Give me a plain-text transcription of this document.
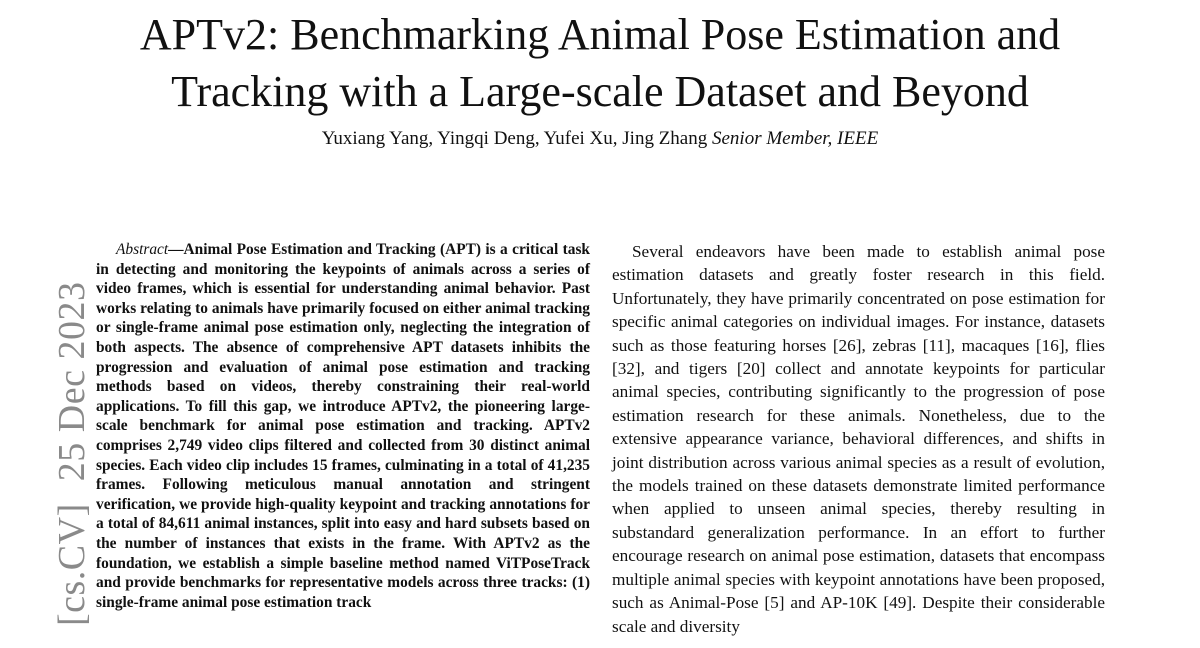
APTv2: Benchmarking Animal Pose Estimation and
Tracking with a Large-scale Dataset and Beyond
Yuxiang Yang, Yingqi Deng, Yufei Xu, Jing Zhang Senior Member, IEEE
[cs.CV]25 Dec 2023

Abstract—Animal Pose Estimation and Tracking (APT) is a critical task in detecting and monitoring the keypoints of animals across a series of video frames, which is essential for understanding animal behavior. Past works relating to animals have primarily focused on either animal tracking or single-frame animal pose estimation only, neglecting the integration of both aspects. The absence of comprehensive APT datasets inhibits the progression and evaluation of animal pose estimation and tracking methods based on videos, thereby constraining their real-world applications. To fill this gap, we introduce APTv2, the pioneering large-scale benchmark for animal pose estimation and tracking. APTv2 comprises 2,749 video clips filtered and collected from 30 distinct animal species. Each video clip includes 15 frames, culminating in a total of 41,235 frames. Following meticulous manual annotation and stringent verification, we provide high-quality keypoint and tracking annotations for a total of 84,611 animal instances, split into easy and hard subsets based on the number of instances that exists in the frame. With APTv2 as the foundation, we establish a simple baseline method named ViTPoseTrack and provide benchmarks for representative models across three tracks: (1) single-frame animal pose estimation track

Several endeavors have been made to establish animal pose estimation datasets and greatly foster research in this field. Unfortunately, they have primarily concentrated on pose estimation for specific animal categories on individual images. For instance, datasets such as those featuring horses [26], zebras [11], macaques [16], flies [32], and tigers [20] collect and annotate keypoints for particular animal species, contributing significantly to the progression of pose estimation research for these animals. Nonetheless, due to the extensive appearance variance, behavioral differences, and shifts in joint distribution across various animal species as a result of evolution, the models trained on these datasets demonstrate limited performance when applied to unseen animal species, thereby resulting in substandard generalization performance. In an effort to further encourage research on animal pose estimation, datasets that encompass multiple animal species with keypoint annotations have been proposed, such as Animal-Pose [5] and AP-10K [49]. Despite their considerable scale and diversity
